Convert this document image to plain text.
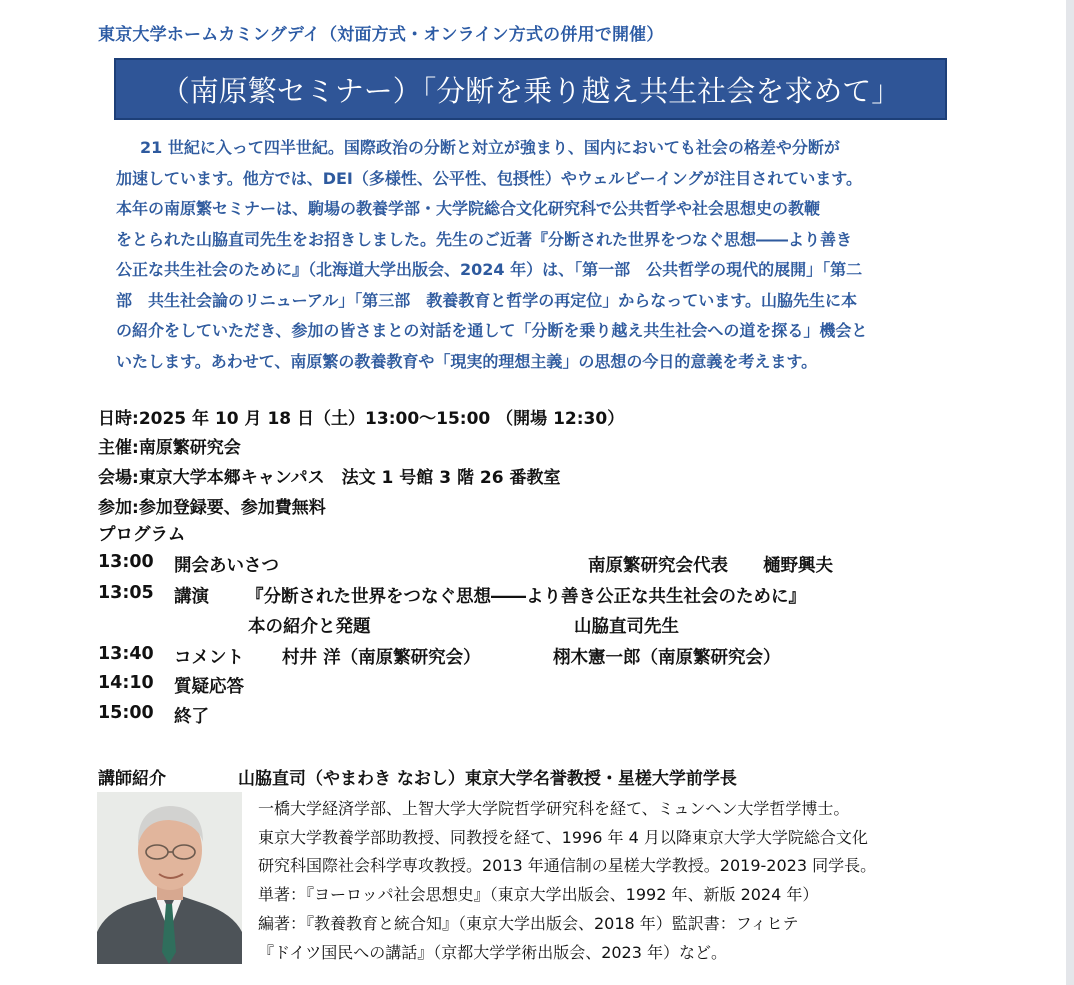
東京大学ホームカミングデイ（対面方式・オンライン方式の併用で開催）
（南原繁セミナー）「分断を乗り越え共生社会を求めて」
21 世紀に入って四半世紀。国際政治の分断と対立が強まり、国内においても社会の格差や分断が
加速しています。他方では、DEI（多様性、公平性、包摂性）やウェルビーイングが注目されています。
本年の南原繁セミナーは、駒場の教養学部・大学院総合文化研究科で公共哲学や社会思想史の教鞭
をとられた山脇直司先生をお招きしました。先生のご近著『分断された世界をつなぐ思想――より善き
公正な共生社会のために』（北海道大学出版会、2024 年）は、「第一部　公共哲学の現代的展開」「第二
部　共生社会論のリニューアル」「第三部　教養教育と哲学の再定位」からなっています。山脇先生に本
の紹介をしていただき、参加の皆さまとの対話を通して「分断を乗り越え共生社会への道を探る」機会と
いたします。あわせて、南原繁の教養教育や「現実的理想主義」の思想の今日的意義を考えます。
日時:2025 年 10 月 18 日（土）13:00～15:00 （開場 12:30）
主催:南原繁研究会
会場:東京大学本郷キャンパス　法文 1 号館 3 階 26 番教室
参加:参加登録要、参加費無料
プログラム
13:00 開会あいさつ	南原繁研究会代表　　樋野興夫
13:05 講演 『分断された世界をつなぐ思想――より善き公正な共生社会のために』
本の紹介と発題	山脇直司先生
13:40 コメント 村井 洋（南原繁研究会）	栩木憲一郎（南原繁研究会）
14:10 質疑応答
15:00 終了
講師紹介	山脇直司（やまわき なおし）東京大学名誉教授・星槎大学前学長
一橋大学経済学部、上智大学大学院哲学研究科を経て、ミュンヘン大学哲学博士。
東京大学教養学部助教授、同教授を経て、1996 年 4 月以降東京大学大学院総合文化
研究科国際社会科学専攻教授。2013 年通信制の星槎大学教授。2019-2023 同学長。
単著：『ヨーロッパ社会思想史』（東京大学出版会、1992 年、新版 2024 年）
編著：『教養教育と統合知』（東京大学出版会、2018 年）監訳書：フィヒテ
『ドイツ国民への講話』（京都大学学術出版会、2023 年）など。
